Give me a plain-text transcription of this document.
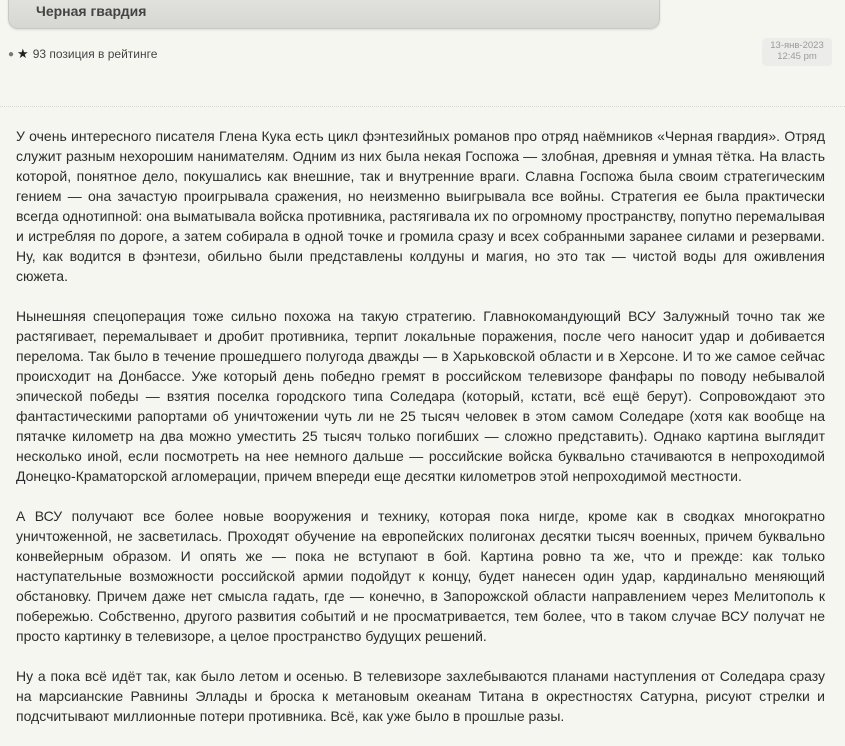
Черная гвардия
● ★ 93 позиция в рейтинге
13-янв-2023
12:45 pm

У очень интересного писателя Глена Кука есть цикл фэнтезийных романов про отряд наёмников «Черная гвардия». Отряд служит разным нехорошим нанимателям. Одним из них была некая Госпожа — злобная, древняя и умная тётка. На власть которой, понятное дело, покушались как внешние, так и внутренние враги. Славна Госпожа была своим стратегическим гением — она зачастую проигрывала сражения, но неизменно выигрывала все войны. Стратегия ее была практически всегда однотипной: она выматывала войска противника, растягивала их по огромному пространству, попутно перемалывая и истребляя по дороге, а затем собирала в одной точке и громила сразу и всех собранными заранее силами и резервами. Ну, как водится в фэнтези, обильно были представлены колдуны и магия, но это так — чистой воды для оживления сюжета.

Нынешняя спецоперация тоже сильно похожа на такую стратегию. Главнокомандующий ВСУ Залужный точно так же растягивает, перемалывает и дробит противника, терпит локальные поражения, после чего наносит удар и добивается перелома. Так было в течение прошедшего полугода дважды — в Харьковской области и в Херсоне. И то же самое сейчас происходит на Донбассе. Уже который день победно гремят в российском телевизоре фанфары по поводу небывалой эпической победы — взятия поселка городского типа Соледара (который, кстати, всё ещё берут). Сопровождают это фантастическими рапортами об уничтожении чуть ли не 25 тысяч человек в этом самом Соледаре (хотя как вообще на пятачке километр на два можно уместить 25 тысяч только погибших — сложно представить). Однако картина выглядит несколько иной, если посмотреть на нее немного дальше — российские войска буквально стачиваются в непроходимой Донецко-Краматорской агломерации, причем впереди еще десятки километров этой непроходимой местности.

А ВСУ получают все более новые вооружения и технику, которая пока нигде, кроме как в сводках многократно уничтоженной, не засветилась. Проходят обучение на европейских полигонах десятки тысяч военных, причем буквально конвейерным образом. И опять же — пока не вступают в бой. Картина ровно та же, что и прежде: как только наступательные возможности российской армии подойдут к концу, будет нанесен один удар, кардинально меняющий обстановку. Причем даже нет смысла гадать, где — конечно, в Запорожской области направлением через Мелитополь к побережью. Собственно, другого развития событий и не просматривается, тем более, что в таком случае ВСУ получат не просто картинку в телевизоре, а целое пространство будущих решений.

Ну а пока всё идёт так, как было летом и осенью. В телевизоре захлебываются планами наступления от Соледара сразу на марсианские Равнины Эллады и броска к метановым океанам Титана в окрестностях Сатурна, рисуют стрелки и подсчитывают миллионные потери противника. Всё, как уже было в прошлые разы.
